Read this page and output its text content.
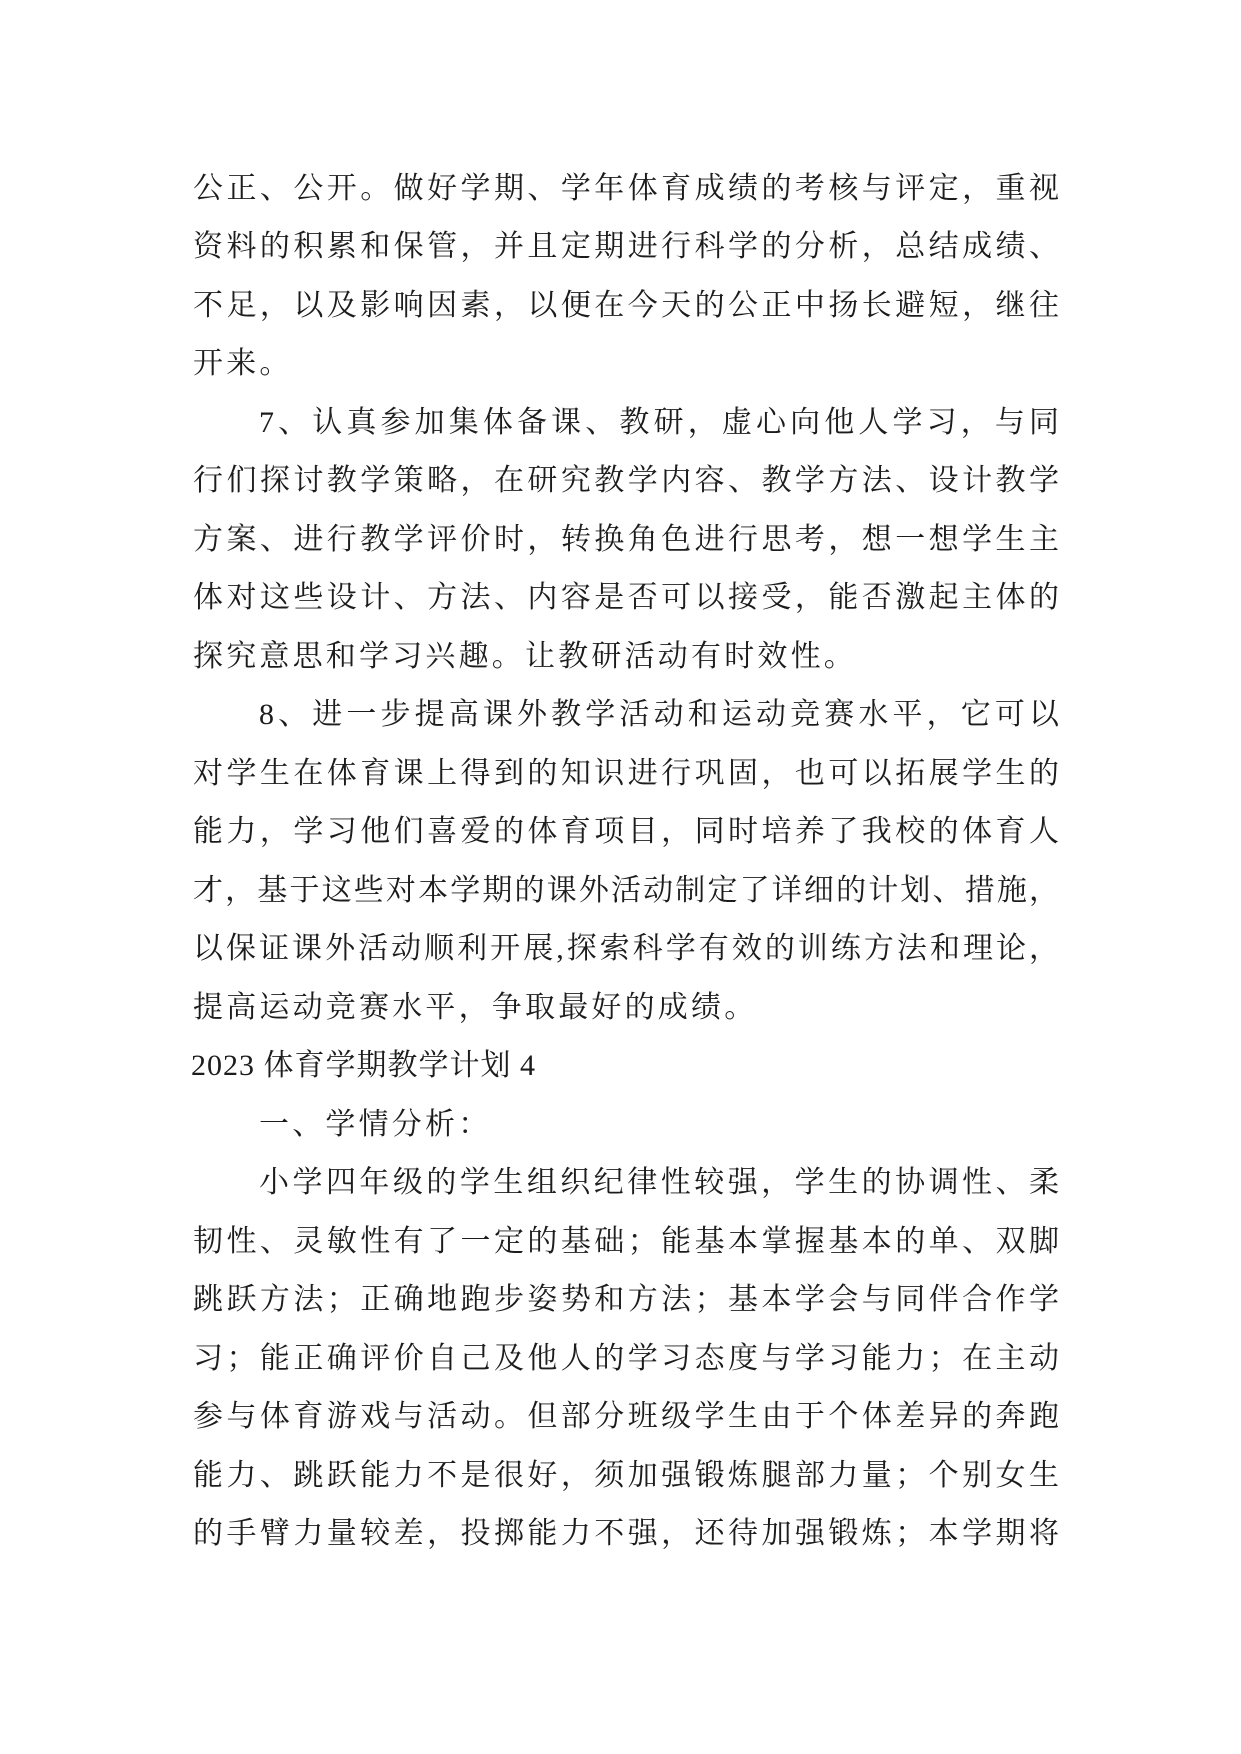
公正、公开。做好学期、学年体育成绩的考核与评定，重视
资料的积累和保管，并且定期进行科学的分析，总结成绩、
不足，以及影响因素，以便在今天的公正中扬长避短，继往
开来。
7、认真参加集体备课、教研，虚心向他人学习，与同
行们探讨教学策略，在研究教学内容、教学方法、设计教学
方案、进行教学评价时，转换角色进行思考，想一想学生主
体对这些设计、方法、内容是否可以接受，能否激起主体的
探究意思和学习兴趣。让教研活动有时效性。
8、进一步提高课外教学活动和运动竞赛水平，它可以
对学生在体育课上得到的知识进行巩固，也可以拓展学生的
能力，学习他们喜爱的体育项目，同时培养了我校的体育人
才，基于这些对本学期的课外活动制定了详细的计划、措施，
以保证课外活动顺利开展,探索科学有效的训练方法和理论，
提高运动竞赛水平，争取最好的成绩。
2023 体育学期教学计划 4
一、学情分析：
小学四年级的学生组织纪律性较强，学生的协调性、柔
韧性、灵敏性有了一定的基础；能基本掌握基本的单、双脚
跳跃方法；正确地跑步姿势和方法；基本学会与同伴合作学
习；能正确评价自己及他人的学习态度与学习能力；在主动
参与体育游戏与活动。但部分班级学生由于个体差异的奔跑
能力、跳跃能力不是很好，须加强锻炼腿部力量；个别女生
的手臂力量较差，投掷能力不强，还待加强锻炼；本学期将
